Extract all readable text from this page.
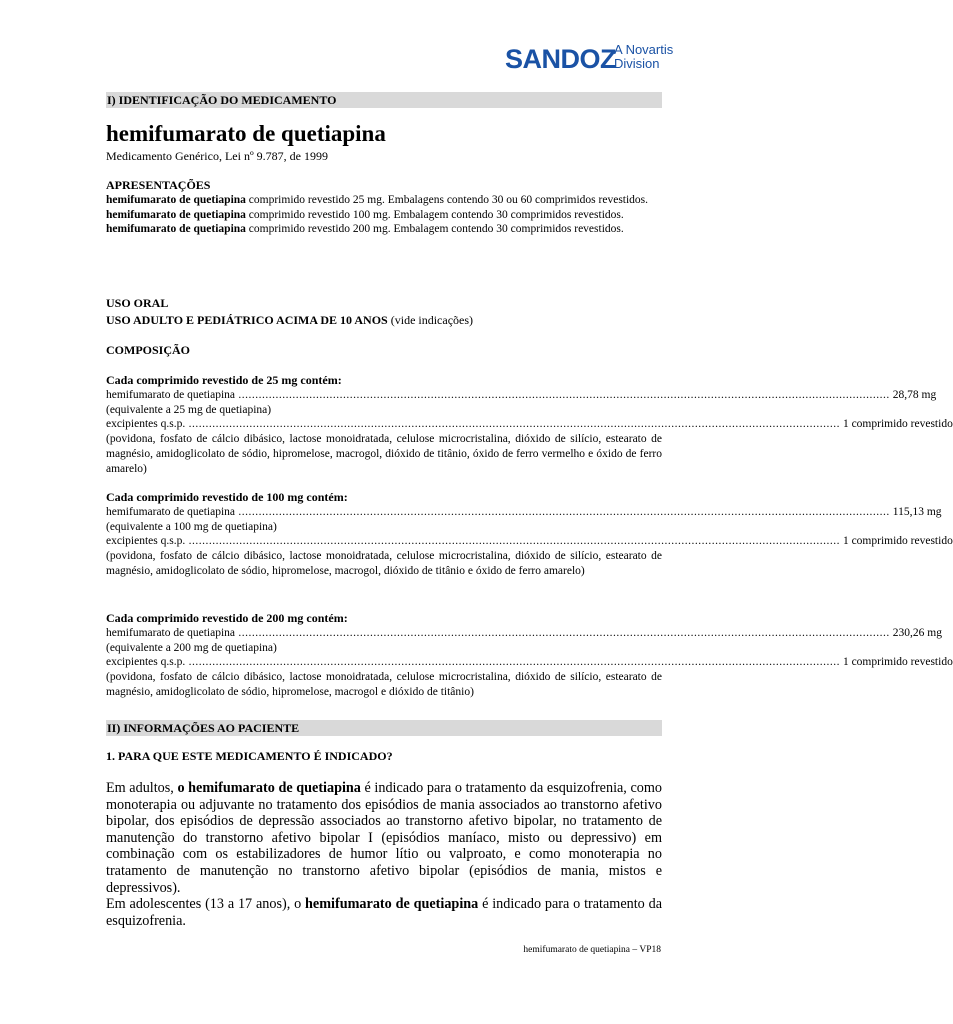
SANDOZ
A Novartis
Division
I) IDENTIFICAÇÃO DO MEDICAMENTO
hemifumarato de quetiapina
Medicamento Genérico, Lei nº 9.787, de 1999
APRESENTAÇÕES

hemifumarato de quetiapina comprimido revestido 25 mg. Embalagens contendo 30 ou 60 comprimidos revestidos.

hemifumarato de quetiapina comprimido revestido 100 mg. Embalagem contendo 30 comprimidos revestidos.

hemifumarato de quetiapina comprimido revestido 200 mg. Embalagem contendo 30 comprimidos revestidos.

USO ORAL
USO ADULTO E PEDIÁTRICO ACIMA DE 10 ANOS (vide indicações)
COMPOSIÇÃO
Cada comprimido revestido de 25 mg contém:
hemifumarato de quetiapina ................................................................................................................................................................................................. 28,78 mg
(equivalente a 25 mg de quetiapina)
excipientes q.s.p. ................................................................................................................................................................................................. 1 comprimido revestido
(povidona, fosfato de cálcio dibásico, lactose monoidratada, celulose microcristalina, dióxido de silício, estearato de magnésio, amidoglicolato de sódio, hipromelose, macrogol, dióxido de titânio, óxido de ferro vermelho e óxido de ferro amarelo)
Cada comprimido revestido de 100 mg contém:
hemifumarato de quetiapina ................................................................................................................................................................................................. 115,13 mg
(equivalente a 100 mg de quetiapina)
excipientes q.s.p. ................................................................................................................................................................................................. 1 comprimido revestido
(povidona, fosfato de cálcio dibásico, lactose monoidratada, celulose microcristalina, dióxido de silício, estearato de magnésio, amidoglicolato de sódio, hipromelose, macrogol, dióxido de titânio e óxido de ferro amarelo)
Cada comprimido revestido de 200 mg contém:
hemifumarato de quetiapina ................................................................................................................................................................................................. 230,26 mg
(equivalente a 200 mg de quetiapina)
excipientes q.s.p. ................................................................................................................................................................................................. 1 comprimido revestido
(povidona, fosfato de cálcio dibásico, lactose monoidratada, celulose microcristalina, dióxido de silício, estearato de magnésio, amidoglicolato de sódio, hipromelose, macrogol e dióxido de titânio)
II) INFORMAÇÕES AO PACIENTE
1. PARA QUE ESTE MEDICAMENTO É INDICADO?

Em adultos, o hemifumarato de quetiapina é indicado para o tratamento da esquizofrenia, como monoterapia ou adjuvante no tratamento dos episódios de mania associados ao transtorno afetivo bipolar, dos episódios de depressão associados ao transtorno afetivo bipolar, no tratamento de manutenção do transtorno afetivo bipolar I (episódios maníaco, misto ou depressivo) em combinação com os estabilizadores de humor lítio ou valproato, e como monoterapia no tratamento de manutenção no transtorno afetivo bipolar (episódios de mania, mistos e depressivos).

Em adolescentes (13 a 17 anos), o hemifumarato de quetiapina é indicado para o tratamento da esquizofrenia.

hemifumarato de quetiapina – VP18
